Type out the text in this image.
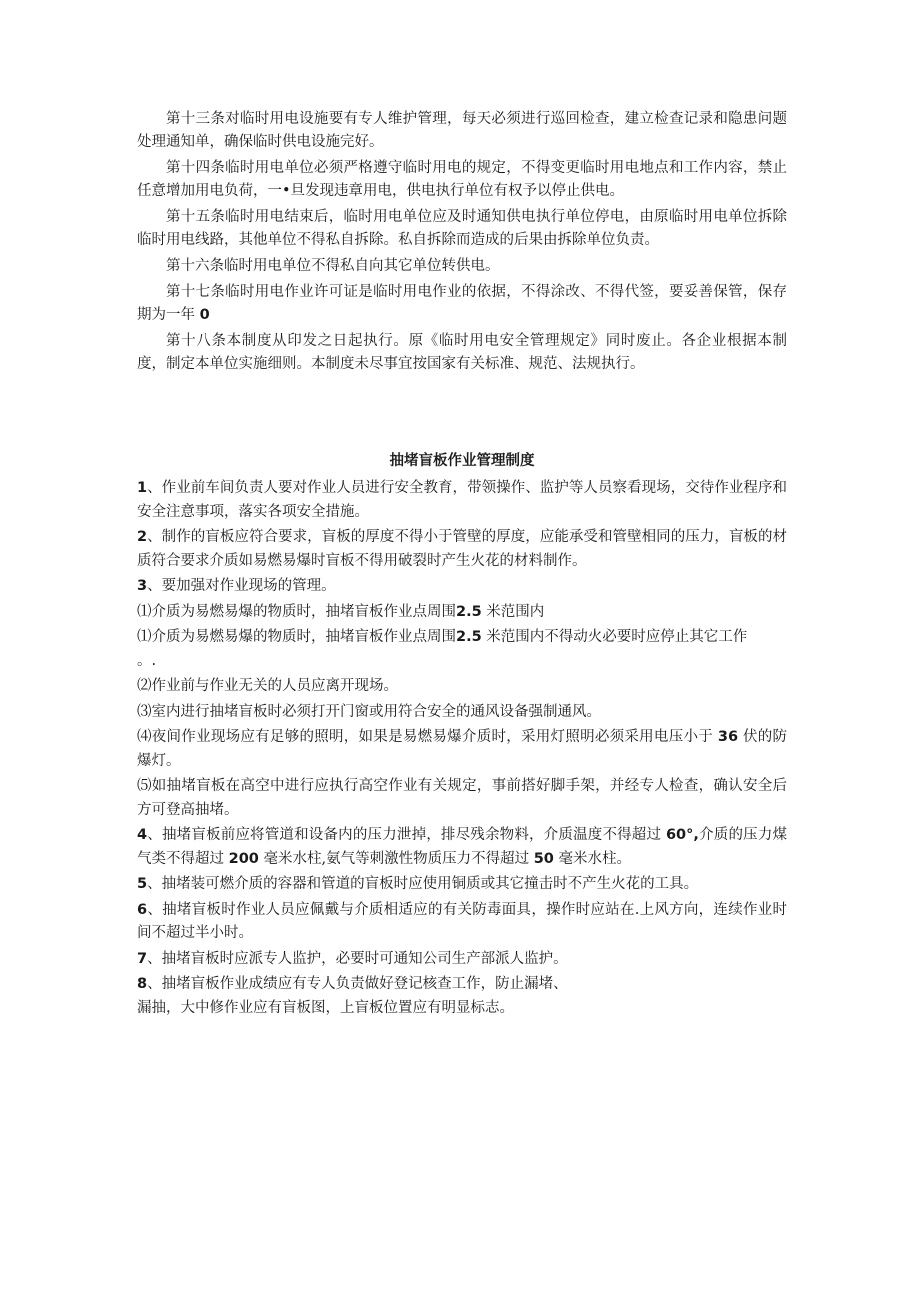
第十三条对临时用电设施要有专人维护管理，每天必须进行巡回检查，建立检查记录和隐患问题处理通知单，确保临时供电设施完好。

第十四条临时用电单位必须严格遵守临时用电的规定，不得变更临时用电地点和工作内容，禁止任意增加用电负荷，一•旦发现违章用电，供电执行单位有权予以停止供电。

第十五条临时用电结束后，临时用电单位应及时通知供电执行单位停电，由原临时用电单位拆除临时用电线路，其他单位不得私自拆除。私自拆除而造成的后果由拆除单位负责。

第十六条临时用电单位不得私自向其它单位转供电。

第十七条临时用电作业许可证是临时用电作业的依据，不得涂改、不得代签，要妥善保管，保存期为一年 0

第十八条本制度从印发之日起执行。原《临时用电安全管理规定》同时废止。各企业根据本制度，制定本单位实施细则。本制度未尽事宜按国家有关标准、规范、法规执行。

抽堵盲板作业管理制度

1、作业前车间负责人要对作业人员进行安全教育，带领操作、监护等人员察看现场，交待作业程序和安全注意事项，落实各项安全措施。

2、制作的盲板应符合要求，盲板的厚度不得小于管壁的厚度，应能承受和管壁相同的压力，盲板的材质符合要求介质如易燃易爆时盲板不得用破裂时产生火花的材料制作。

3、要加强对作业现场的管理。

⑴介质为易燃易爆的物质时，抽堵盲板作业点周围2.5 米范围内

⑴介质为易燃易爆的物质时，抽堵盲板作业点周围2.5 米范围内不得动火必要时应停止其它工作
。.

⑵作业前与作业无关的人员应离开现场。

⑶室内进行抽堵盲板时必须打开门窗或用符合安全的通风设备强制通风。

⑷夜间作业现场应有足够的照明，如果是易燃易爆介质时，采用灯照明必须采用电压小于 36 伏的防爆灯。

⑸如抽堵盲板在高空中进行应执行高空作业有关规定，事前搭好脚手架，并经专人检查，确认安全后方可登高抽堵。

4、抽堵盲板前应将管道和设备内的压力泄掉，排尽残余物料，介质温度不得超过 60°,介质的压力煤气类不得超过 200 毫米水柱,氨气等刺激性物质压力不得超过 50 毫米水柱。

5、抽堵装可燃介质的容器和管道的盲板时应使用铜质或其它撞击时不产生火花的工具。

6、抽堵盲板时作业人员应佩戴与介质相适应的有关防毒面具，操作时应站在.上风方向，连续作业时间不超过半小时。

7、抽堵盲板时应派专人监护，必要时可通知公司生产部派人监护。

8、抽堵盲板作业成绩应有专人负责做好登记核查工作，防止漏堵、
漏抽，大中修作业应有盲板图，上盲板位置应有明显标志。
